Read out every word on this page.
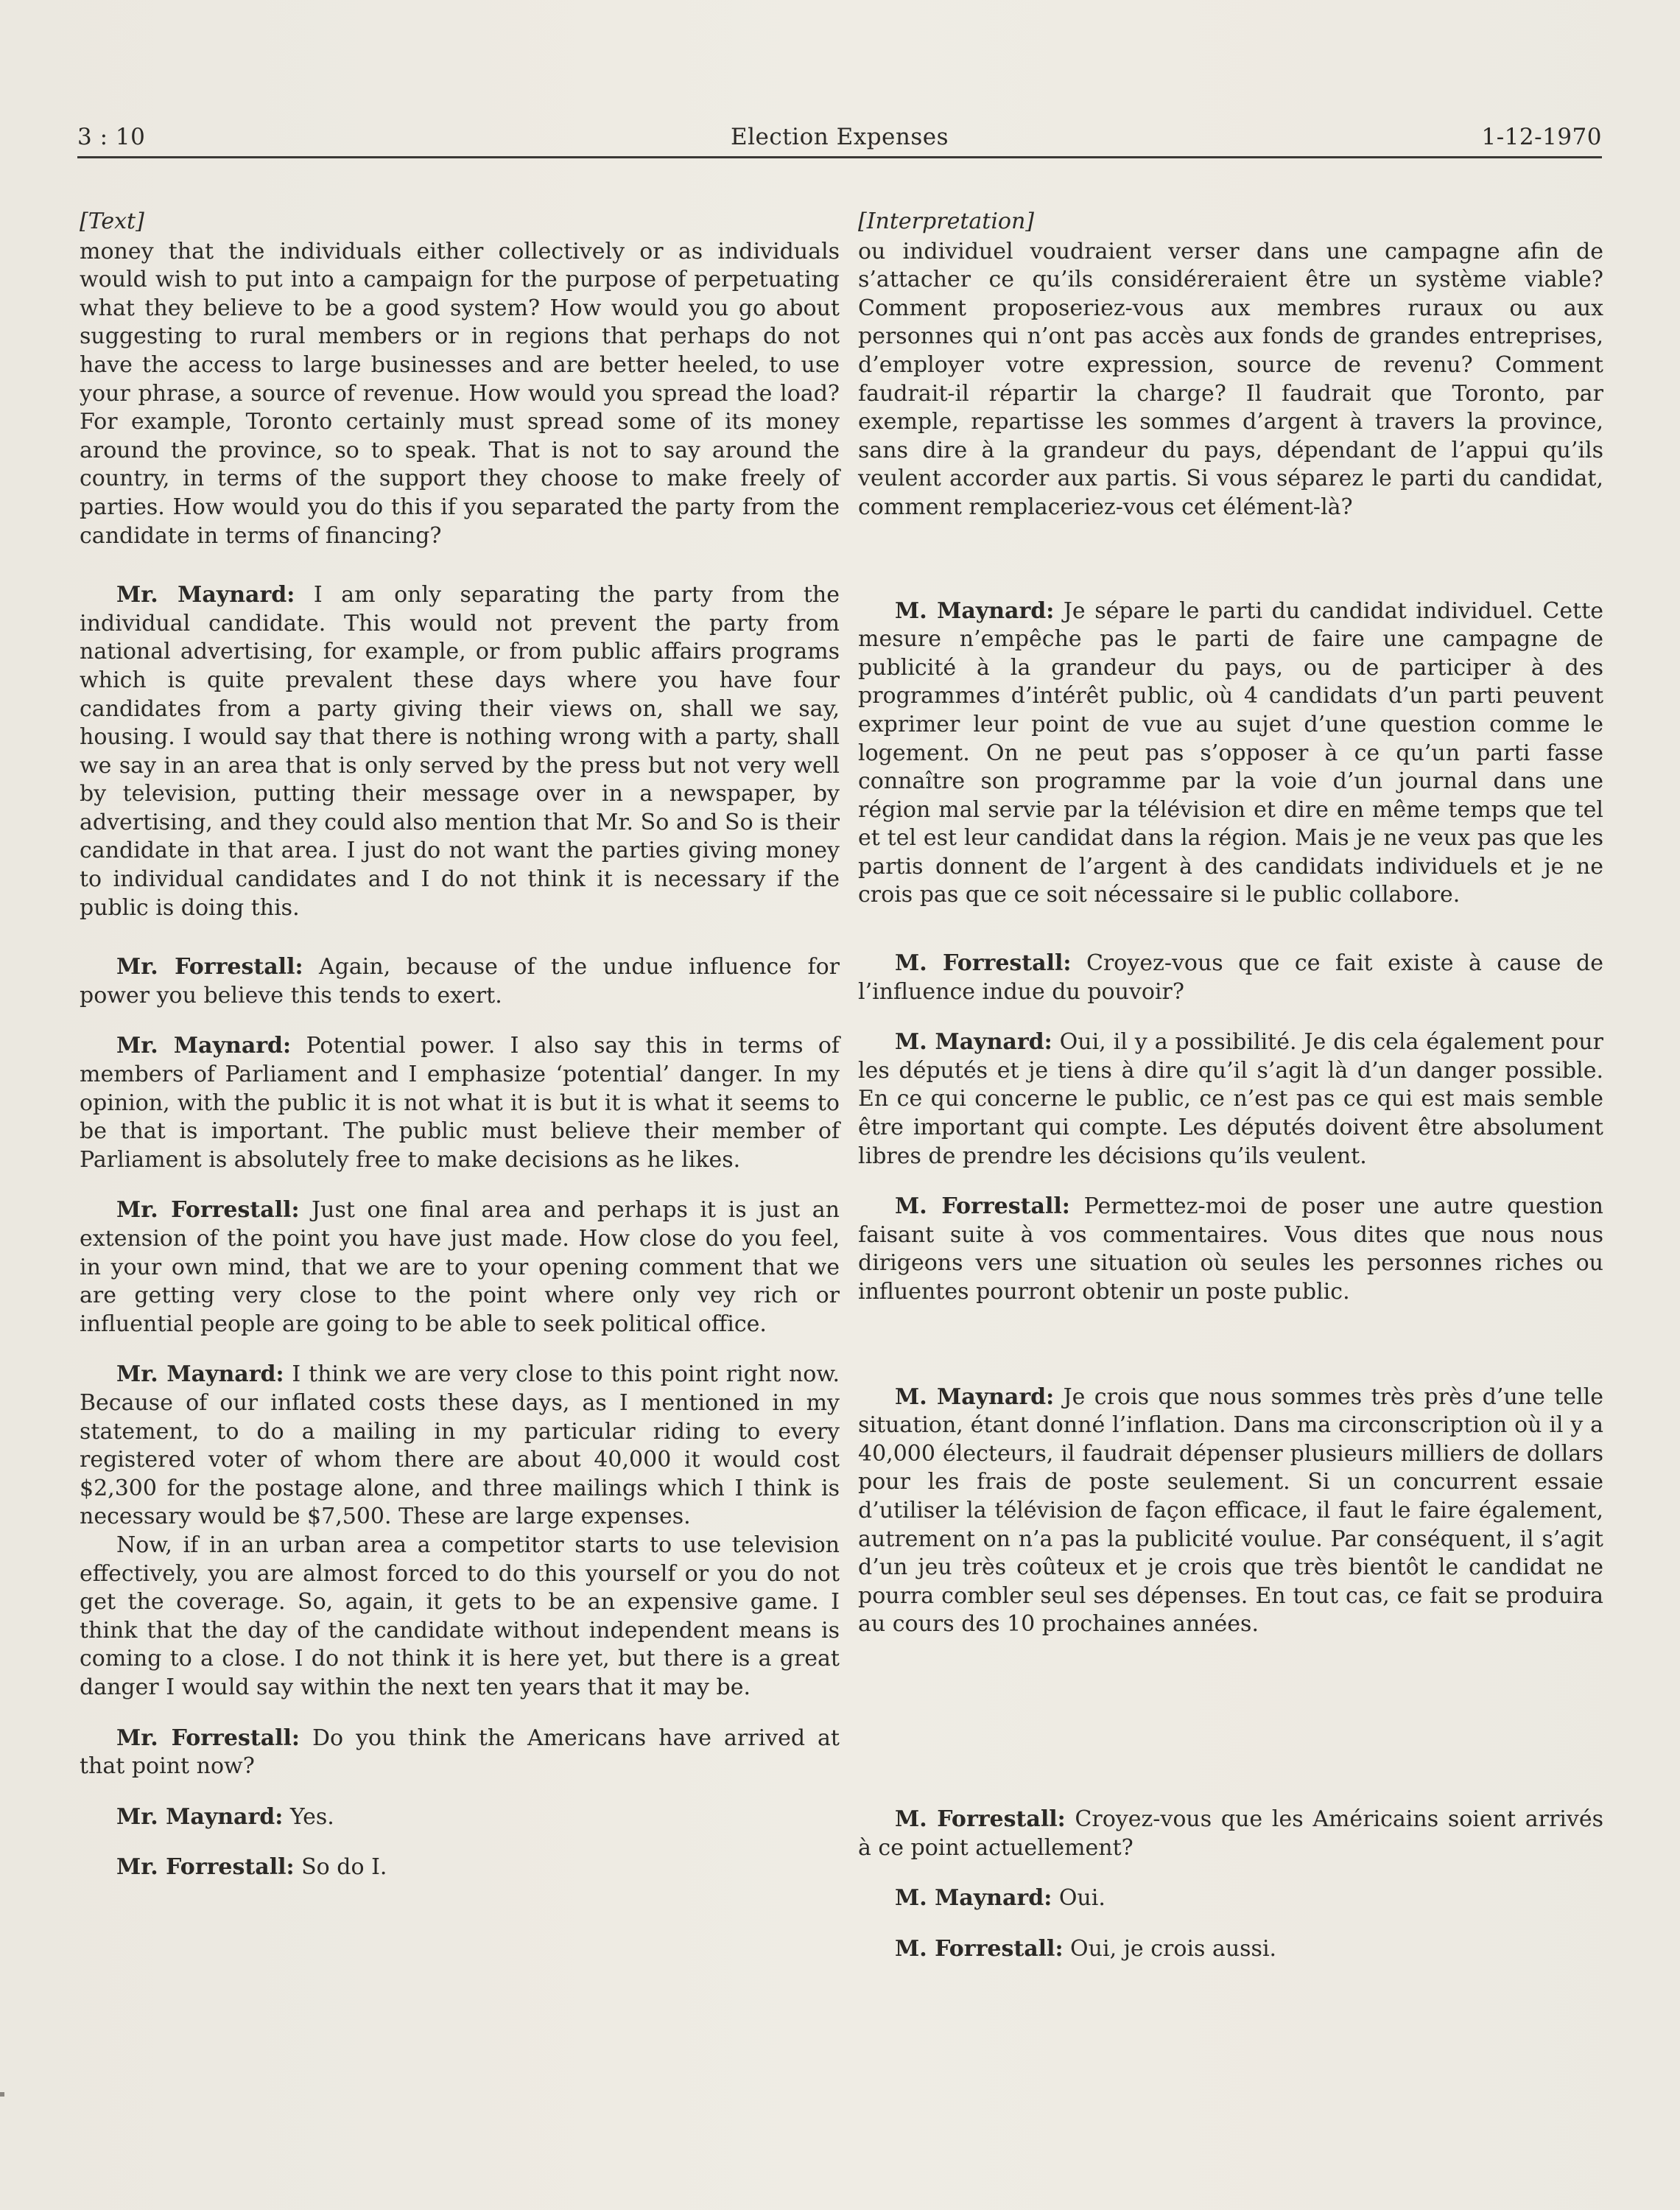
3 : 10	Election Expenses	1-12-1970

[Text]

money that the individuals either collectively or as individuals would wish to put into a campaign for the purpose of perpetuating what they believe to be a good system? How would you go about suggesting to rural members or in regions that perhaps do not have the access to large businesses and are better heeled, to use your phrase, a source of revenue. How would you spread the load? For example, Toronto certainly must spread some of its money around the province, so to speak. That is not to say around the country, in terms of the support they choose to make freely of parties. How would you do this if you separated the party from the candidate in terms of financing?

Mr. Maynard: I am only separating the party from the individual candidate. This would not prevent the party from national advertising, for example, or from public affairs programs which is quite prevalent these days where you have four candidates from a party giving their views on, shall we say, housing. I would say that there is nothing wrong with a party, shall we say in an area that is only served by the press but not very well by television, putting their message over in a newspaper, by advertising, and they could also mention that Mr. So and So is their candidate in that area. I just do not want the parties giving money to individual candidates and I do not think it is necessary if the public is doing this.

Mr. Forrestall: Again, because of the undue influence for power you believe this tends to exert.

Mr. Maynard: Potential power. I also say this in terms of members of Parliament and I emphasize ‘potential’ danger. In my opinion, with the public it is not what it is but it is what it seems to be that is important. The public must believe their member of Parliament is absolutely free to make decisions as he likes.

Mr. Forrestall: Just one final area and perhaps it is just an extension of the point you have just made. How close do you feel, in your own mind, that we are to your opening comment that we are getting very close to the point where only vey rich or influential people are going to be able to seek political office.

Mr. Maynard: I think we are very close to this point right now. Because of our inflated costs these days, as I mentioned in my statement, to do a mailing in my particular riding to every registered voter of whom there are about 40,000 it would cost $2,300 for the postage alone, and three mailings which I think is necessary would be $7,500. These are large expenses.

Now, if in an urban area a competitor starts to use television effectively, you are almost forced to do this yourself or you do not get the coverage. So, again, it gets to be an expensive game. I think that the day of the candidate without independent means is coming to a close. I do not think it is here yet, but there is a great danger I would say within the next ten years that it may be.

Mr. Forrestall: Do you think the Americans have arrived at that point now?

Mr. Maynard: Yes.

Mr. Forrestall: So do I.

[Interpretation]

ou individuel voudraient verser dans une campagne afin de s’attacher ce qu’ils considéreraient être un système viable? Comment proposeriez-vous aux membres ruraux ou aux personnes qui n’ont pas accès aux fonds de grandes entreprises, d’employer votre expression, source de revenu? Comment faudrait-il répartir la charge? Il faudrait que Toronto, par exemple, repartisse les sommes d’argent à travers la province, sans dire à la grandeur du pays, dépendant de l’appui qu’ils veulent accorder aux partis. Si vous séparez le parti du candidat, comment remplaceriez-vous cet élément-là?

M. Maynard: Je sépare le parti du candidat individuel. Cette mesure n’empêche pas le parti de faire une campagne de publicité à la grandeur du pays, ou de participer à des programmes d’intérêt public, où 4 candidats d’un parti peuvent exprimer leur point de vue au sujet d’une question comme le logement. On ne peut pas s’opposer à ce qu’un parti fasse connaître son programme par la voie d’un journal dans une région mal servie par la télévision et dire en même temps que tel et tel est leur candidat dans la région. Mais je ne veux pas que les partis donnent de l’argent à des candidats individuels et je ne crois pas que ce soit nécessaire si le public collabore.

M. Forrestall: Croyez-vous que ce fait existe à cause de l’influence indue du pouvoir?

M. Maynard: Oui, il y a possibilité. Je dis cela également pour les députés et je tiens à dire qu’il s’agit là d’un danger possible. En ce qui concerne le public, ce n’est pas ce qui est mais semble être important qui compte. Les députés doivent être absolument libres de prendre les décisions qu’ils veulent.

M. Forrestall: Permettez-moi de poser une autre question faisant suite à vos commentaires. Vous dites que nous nous dirigeons vers une situation où seules les personnes riches ou influentes pourront obtenir un poste public.

M. Maynard: Je crois que nous sommes très près d’une telle situation, étant donné l’inflation. Dans ma circonscription où il y a 40,000 électeurs, il faudrait dépenser plusieurs milliers de dollars pour les frais de poste seulement. Si un concurrent essaie d’utiliser la télévision de façon efficace, il faut le faire également, autrement on n’a pas la publicité voulue. Par conséquent, il s’agit d’un jeu très coûteux et je crois que très bientôt le candidat ne pourra combler seul ses dépenses. En tout cas, ce fait se produira au cours des 10 prochaines années.

M. Forrestall: Croyez-vous que les Américains soient arrivés à ce point actuellement?

M. Maynard: Oui.

M. Forrestall: Oui, je crois aussi.
